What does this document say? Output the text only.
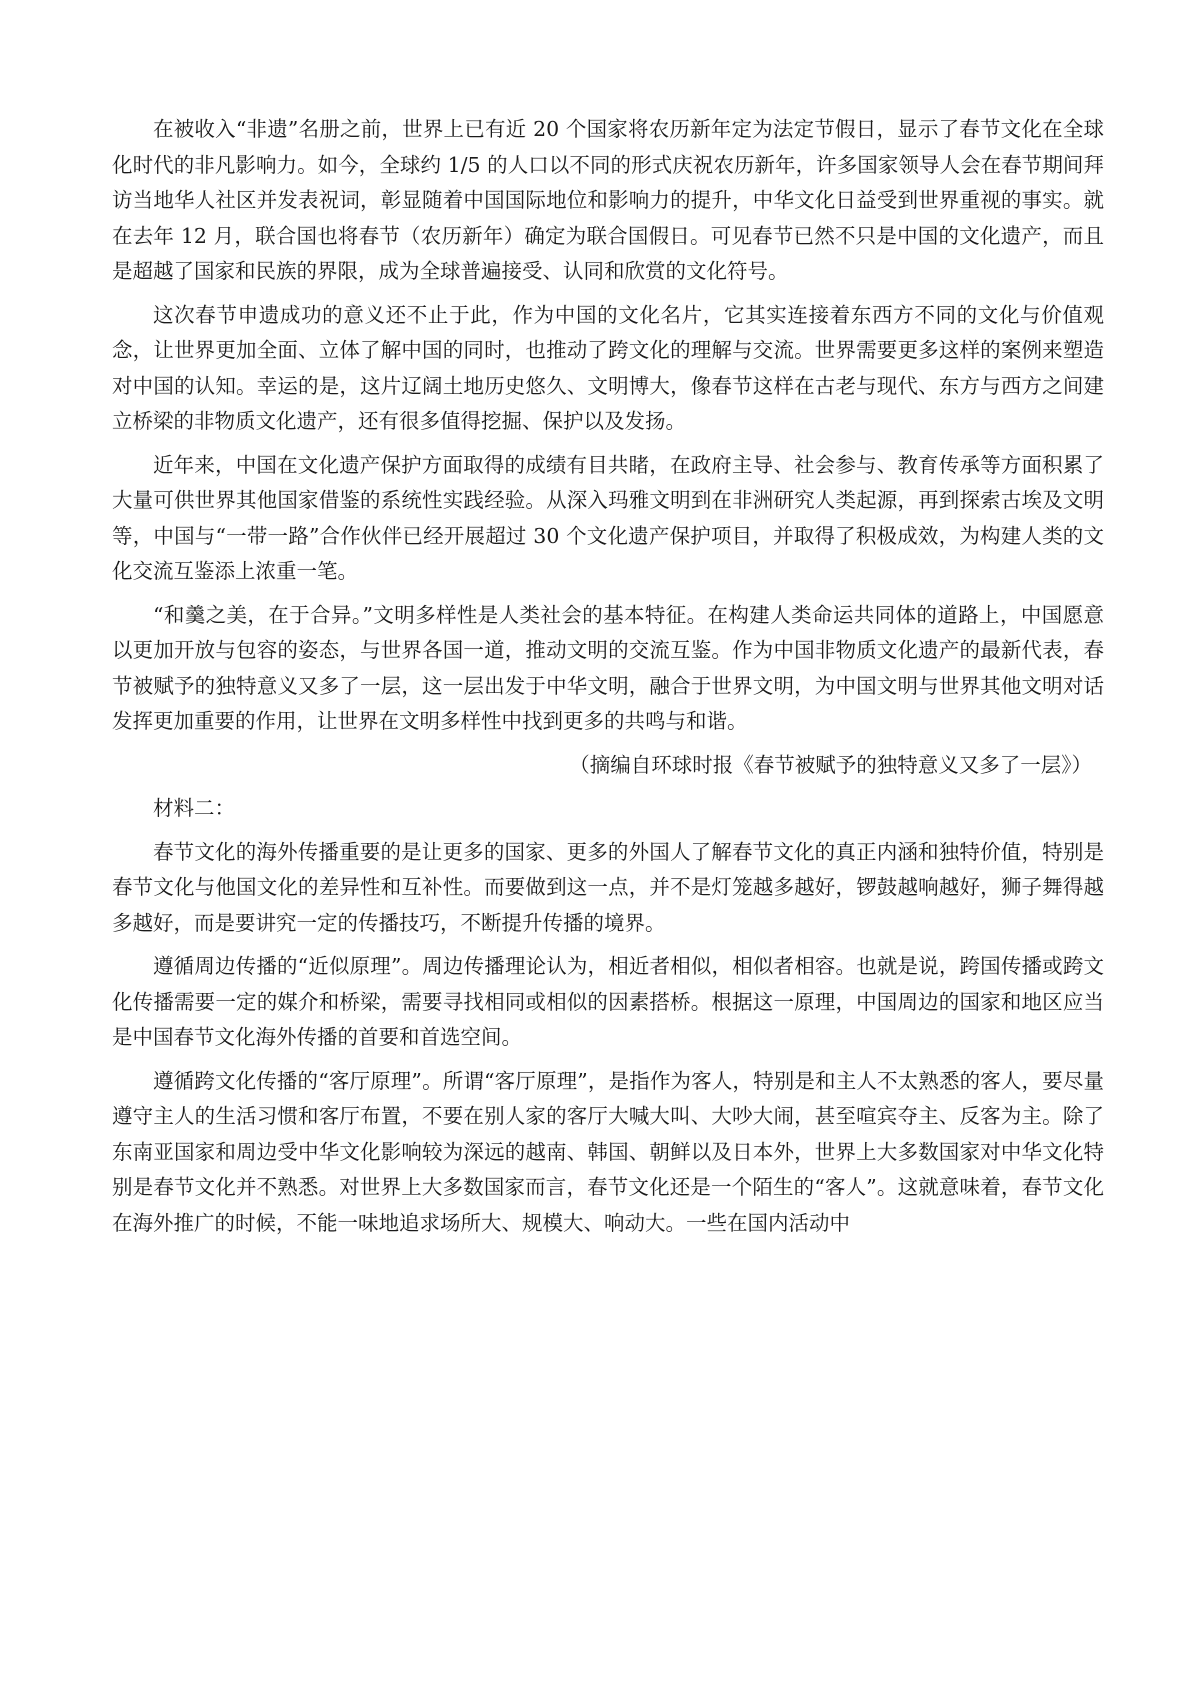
在被收入“非遗”名册之前，世界上已有近 20 个国家将农历新年定为法定节假日，显示了春节文化在全球化时代的非凡影响力。如今，全球约 1/5 的人口以不同的形式庆祝农历新年，许多国家领导人会在春节期间拜访当地华人社区并发表祝词，彰显随着中国国际地位和影响力的提升，中华文化日益受到世界重视的事实。就在去年 12 月，联合国也将春节（农历新年）确定为联合国假日。可见春节已然不只是中国的文化遗产，而且是超越了国家和民族的界限，成为全球普遍接受、认同和欣赏的文化符号。

这次春节申遗成功的意义还不止于此，作为中国的文化名片，它其实连接着东西方不同的文化与价值观念，让世界更加全面、立体了解中国的同时，也推动了跨文化的理解与交流。世界需要更多这样的案例来塑造对中国的认知。幸运的是，这片辽阔土地历史悠久、文明博大，像春节这样在古老与现代、东方与西方之间建立桥梁的非物质文化遗产，还有很多值得挖掘、保护以及发扬。

近年来，中国在文化遗产保护方面取得的成绩有目共睹，在政府主导、社会参与、教育传承等方面积累了大量可供世界其他国家借鉴的系统性实践经验。从深入玛雅文明到在非洲研究人类起源，再到探索古埃及文明等，中国与“一带一路”合作伙伴已经开展超过 30 个文化遗产保护项目，并取得了积极成效，为构建人类的文化交流互鉴添上浓重一笔。

“和羹之美，在于合异。”文明多样性是人类社会的基本特征。在构建人类命运共同体的道路上，中国愿意以更加开放与包容的姿态，与世界各国一道，推动文明的交流互鉴。作为中国非物质文化遗产的最新代表，春节被赋予的独特意义又多了一层，这一层出发于中华文明，融合于世界文明，为中国文明与世界其他文明对话发挥更加重要的作用，让世界在文明多样性中找到更多的共鸣与和谐。

（摘编自环球时报《春节被赋予的独特意义又多了一层》）

材料二：

春节文化的海外传播重要的是让更多的国家、更多的外国人了解春节文化的真正内涵和独特价值，特别是春节文化与他国文化的差异性和互补性。而要做到这一点，并不是灯笼越多越好，锣鼓越响越好，狮子舞得越多越好，而是要讲究一定的传播技巧，不断提升传播的境界。

遵循周边传播的“近似原理”。周边传播理论认为，相近者相似，相似者相容。也就是说，跨国传播或跨文化传播需要一定的媒介和桥梁，需要寻找相同或相似的因素搭桥。根据这一原理，中国周边的国家和地区应当是中国春节文化海外传播的首要和首选空间。

遵循跨文化传播的“客厅原理”。所谓“客厅原理”，是指作为客人，特别是和主人不太熟悉的客人，要尽量遵守主人的生活习惯和客厅布置，不要在别人家的客厅大喊大叫、大吵大闹，甚至喧宾夺主、反客为主。除了东南亚国家和周边受中华文化影响较为深远的越南、韩国、朝鲜以及日本外，世界上大多数国家对中华文化特别是春节文化并不熟悉。对世界上大多数国家而言，春节文化还是一个陌生的“客人”。这就意味着，春节文化在海外推广的时候，不能一味地追求场所大、规模大、响动大。一些在国内活动中
